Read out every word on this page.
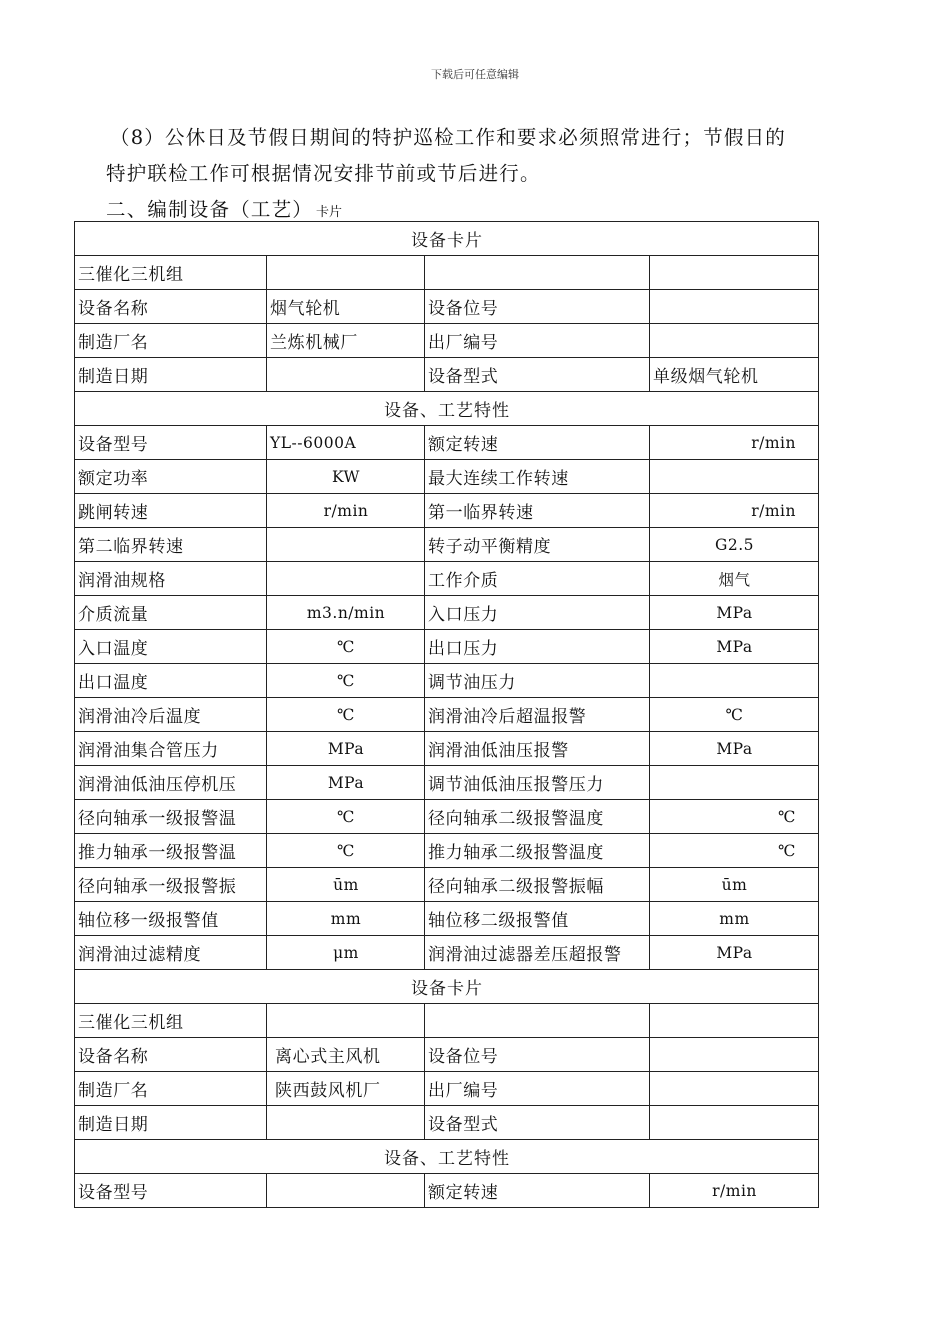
下载后可任意编辑
（8）公休日及节假日期间的特护巡检工作和要求必须照常进行；节假日的
特护联检工作可根据情况安排节前或节后进行。
二、编制设备（工艺） 卡片
设备卡片			
三催化三机组			
设备名称	烟气轮机	设备位号	
制造厂名	兰炼机械厂	出厂编号	
制造日期		设备型式	单级烟气轮机
设备、工艺特性			
设备型号	YL--6000A	额定转速	r/min
额定功率	KW	最大连续工作转速	
跳闸转速	r/min	第一临界转速	r/min
第二临界转速		转子动平衡精度	G2.5
润滑油规格		工作介质	烟气
介质流量	m3.n/min	入口压力	MPa
入口温度	℃	出口压力	MPa
出口温度	℃	调节油压力	
润滑油冷后温度	℃	润滑油冷后超温报警	℃
润滑油集合管压力	MPa	润滑油低油压报警	MPa
润滑油低油压停机压	MPa	调节油低油压报警压力	
径向轴承一级报警温	℃	径向轴承二级报警温度	℃
推力轴承一级报警温	℃	推力轴承二级报警温度	℃
径向轴承一级报警振	ūm	径向轴承二级报警振幅	ūm
轴位移一级报警值	mm	轴位移二级报警值	mm
润滑油过滤精度	μm	润滑油过滤器差压超报警	MPa
设备卡片			
三催化三机组			
设备名称	离心式主风机	设备位号	
制造厂名	陕西鼓风机厂	出厂编号	
制造日期		设备型式	
设备、工艺特性			
设备型号		额定转速	r/min
